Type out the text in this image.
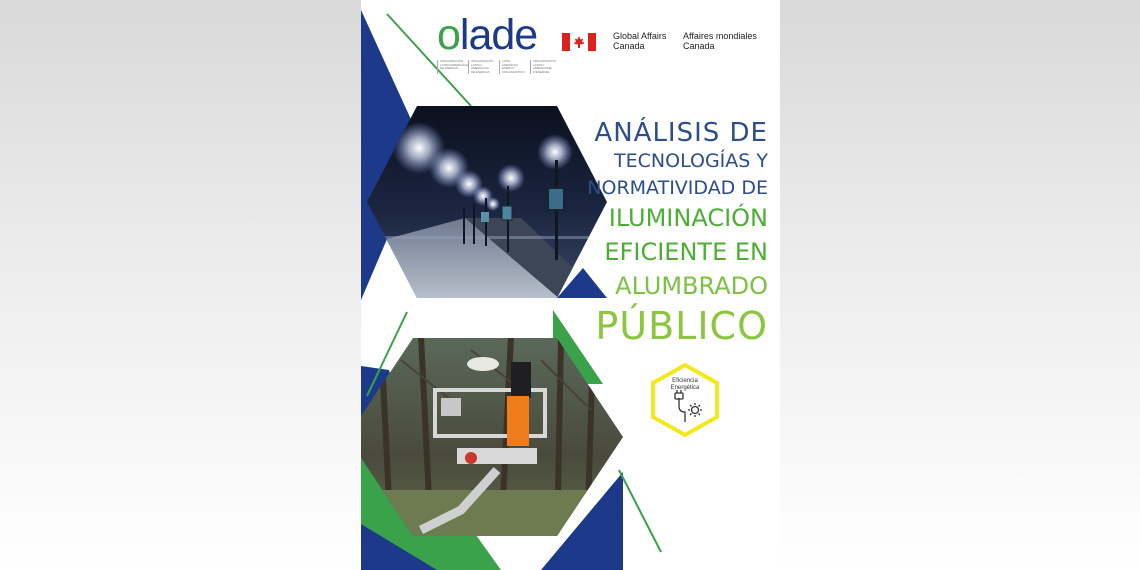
olade
ORGANIZACIÓN LATINOAMERICANA DE ENERGÍA
ORGANIZAÇÃO LATINO-AMERICANA DE ENERGIA
LATIN AMERICAN ENERGY ORGANIZATION
ORGANISATION LATINO-AMÉRICAINE D'ÉNERGIE
Global Affairs
Canada
Affaires mondiales
Canada
ANÁLISIS DE
TECNOLOGÍAS Y
NORMATIVIDAD DE
ILUMINACIÓN
EFICIENTE EN
ALUMBRADO
PÚBLICO
Eficiencia
Energética
